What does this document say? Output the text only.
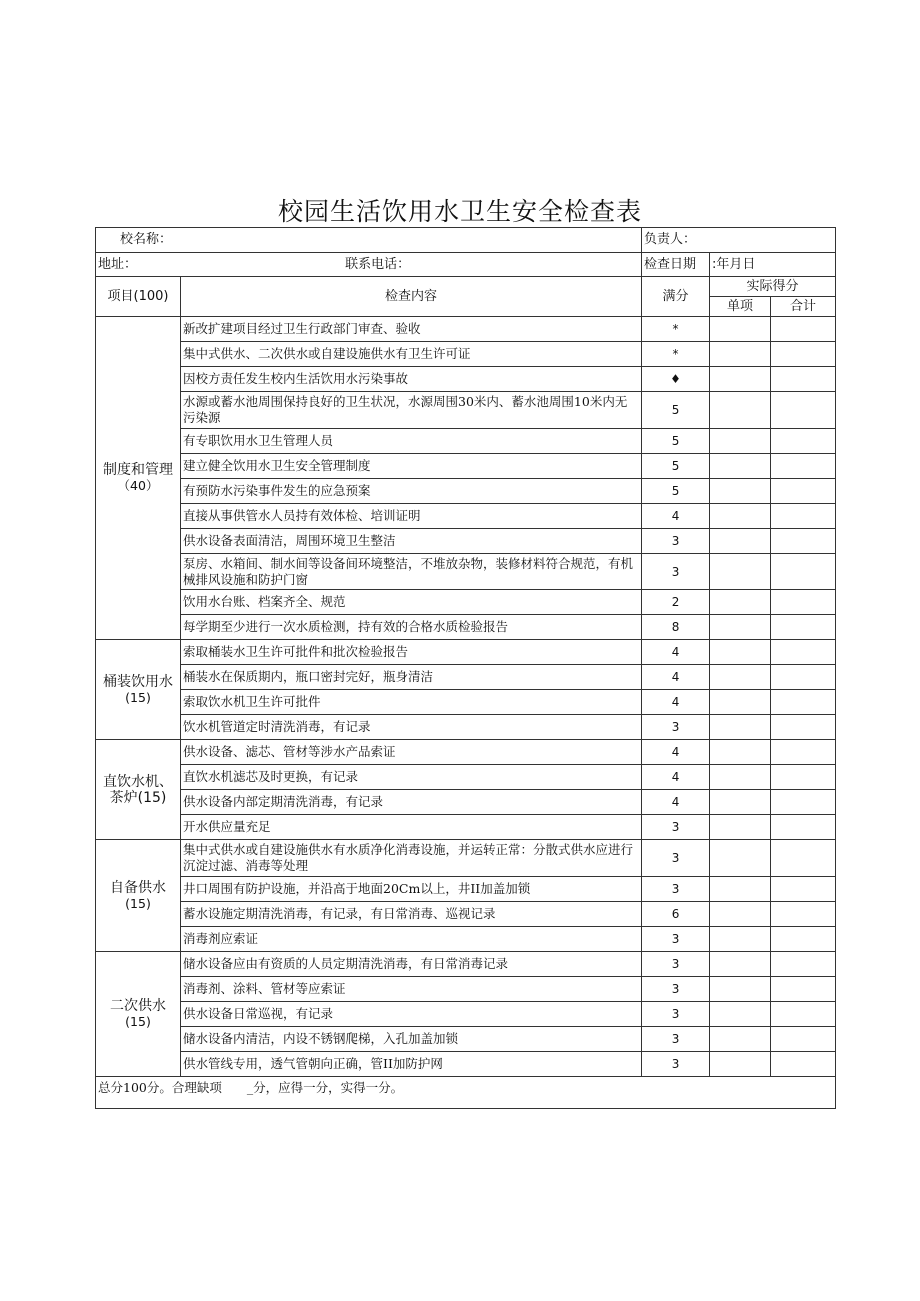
校园生活饮用水卫生安全检查表
校名称：		负责人：		
地址： 联系电话：		检查日期	:年月日	
项目(100)	检查内容	满分	实际得分	
			单项	合计

制度和管理
（40）	新改扩建项目经过卫生行政部门审查、验收	*		
	集中式供水、二次供水或自建设施供水有卫生许可证	*		
	因校方责任发生校内生活饮用水污染事故	♦		
	水源或蓄水池周围保持良好的卫生状况，水源周围30米内、蓄水池周围10米内无污染源	5		
	有专职饮用水卫生管理人员	5		
	建立健全饮用水卫生安全管理制度	5		
	有预防水污染事件发生的应急预案	5		
	直接从事供管水人员持有效体检、培训证明	4		
	供水设备表面清洁，周围环境卫生整洁	3		
	泵房、水箱间、制水间等设备间环境整洁，不堆放杂物，装修材料符合规范，有机械排风设施和防护门窗	3		
	饮用水台账、档案齐全、规范	2		
	每学期至少进行一次水质检测，持有效的合格水质检验报告	8		

桶装饮用水
(15)	索取桶装水卫生许可批件和批次检验报告	4		
	桶装水在保质期内，瓶口密封完好，瓶身清洁	4		
	索取饮水机卫生许可批件	4		
	饮水机管道定时清洗消毒，有记录	3		

直饮水机、
茶炉(15)	供水设备、滤芯、管材等涉水产品索证	4		
	直饮水机滤芯及时更换，有记录	4		
	供水设备内部定期清洗消毒，有记录	4		
	开水供应量充足	3		

自备供水
(15)	集中式供水或自建设施供水有水质净化消毒设施，并运转正常：分散式供水应进行沉淀过滤、消毒等处理	3		
	井口周围有防护设施，并沿高于地面20Cm以上，井II加盖加锁	3		
	蓄水设施定期清洗消毒，有记录，有日常消毒、巡视记录	6		
	消毒剂应索证	3		

二次供水
(15)	储水设备应由有资质的人员定期清洗消毒，有日常消毒记录	3		
	消毒剂、涂料、管材等应索证	3		
	供水设备日常巡视，有记录	3		
	储水设备内清洁，内设不锈钢爬梯，入孔加盖加锁	3		
	供水管线专用，透气管朝向正确，管II加防护网	3		
总分100分。合理缺项　　_分，应得一分，实得一分。				
